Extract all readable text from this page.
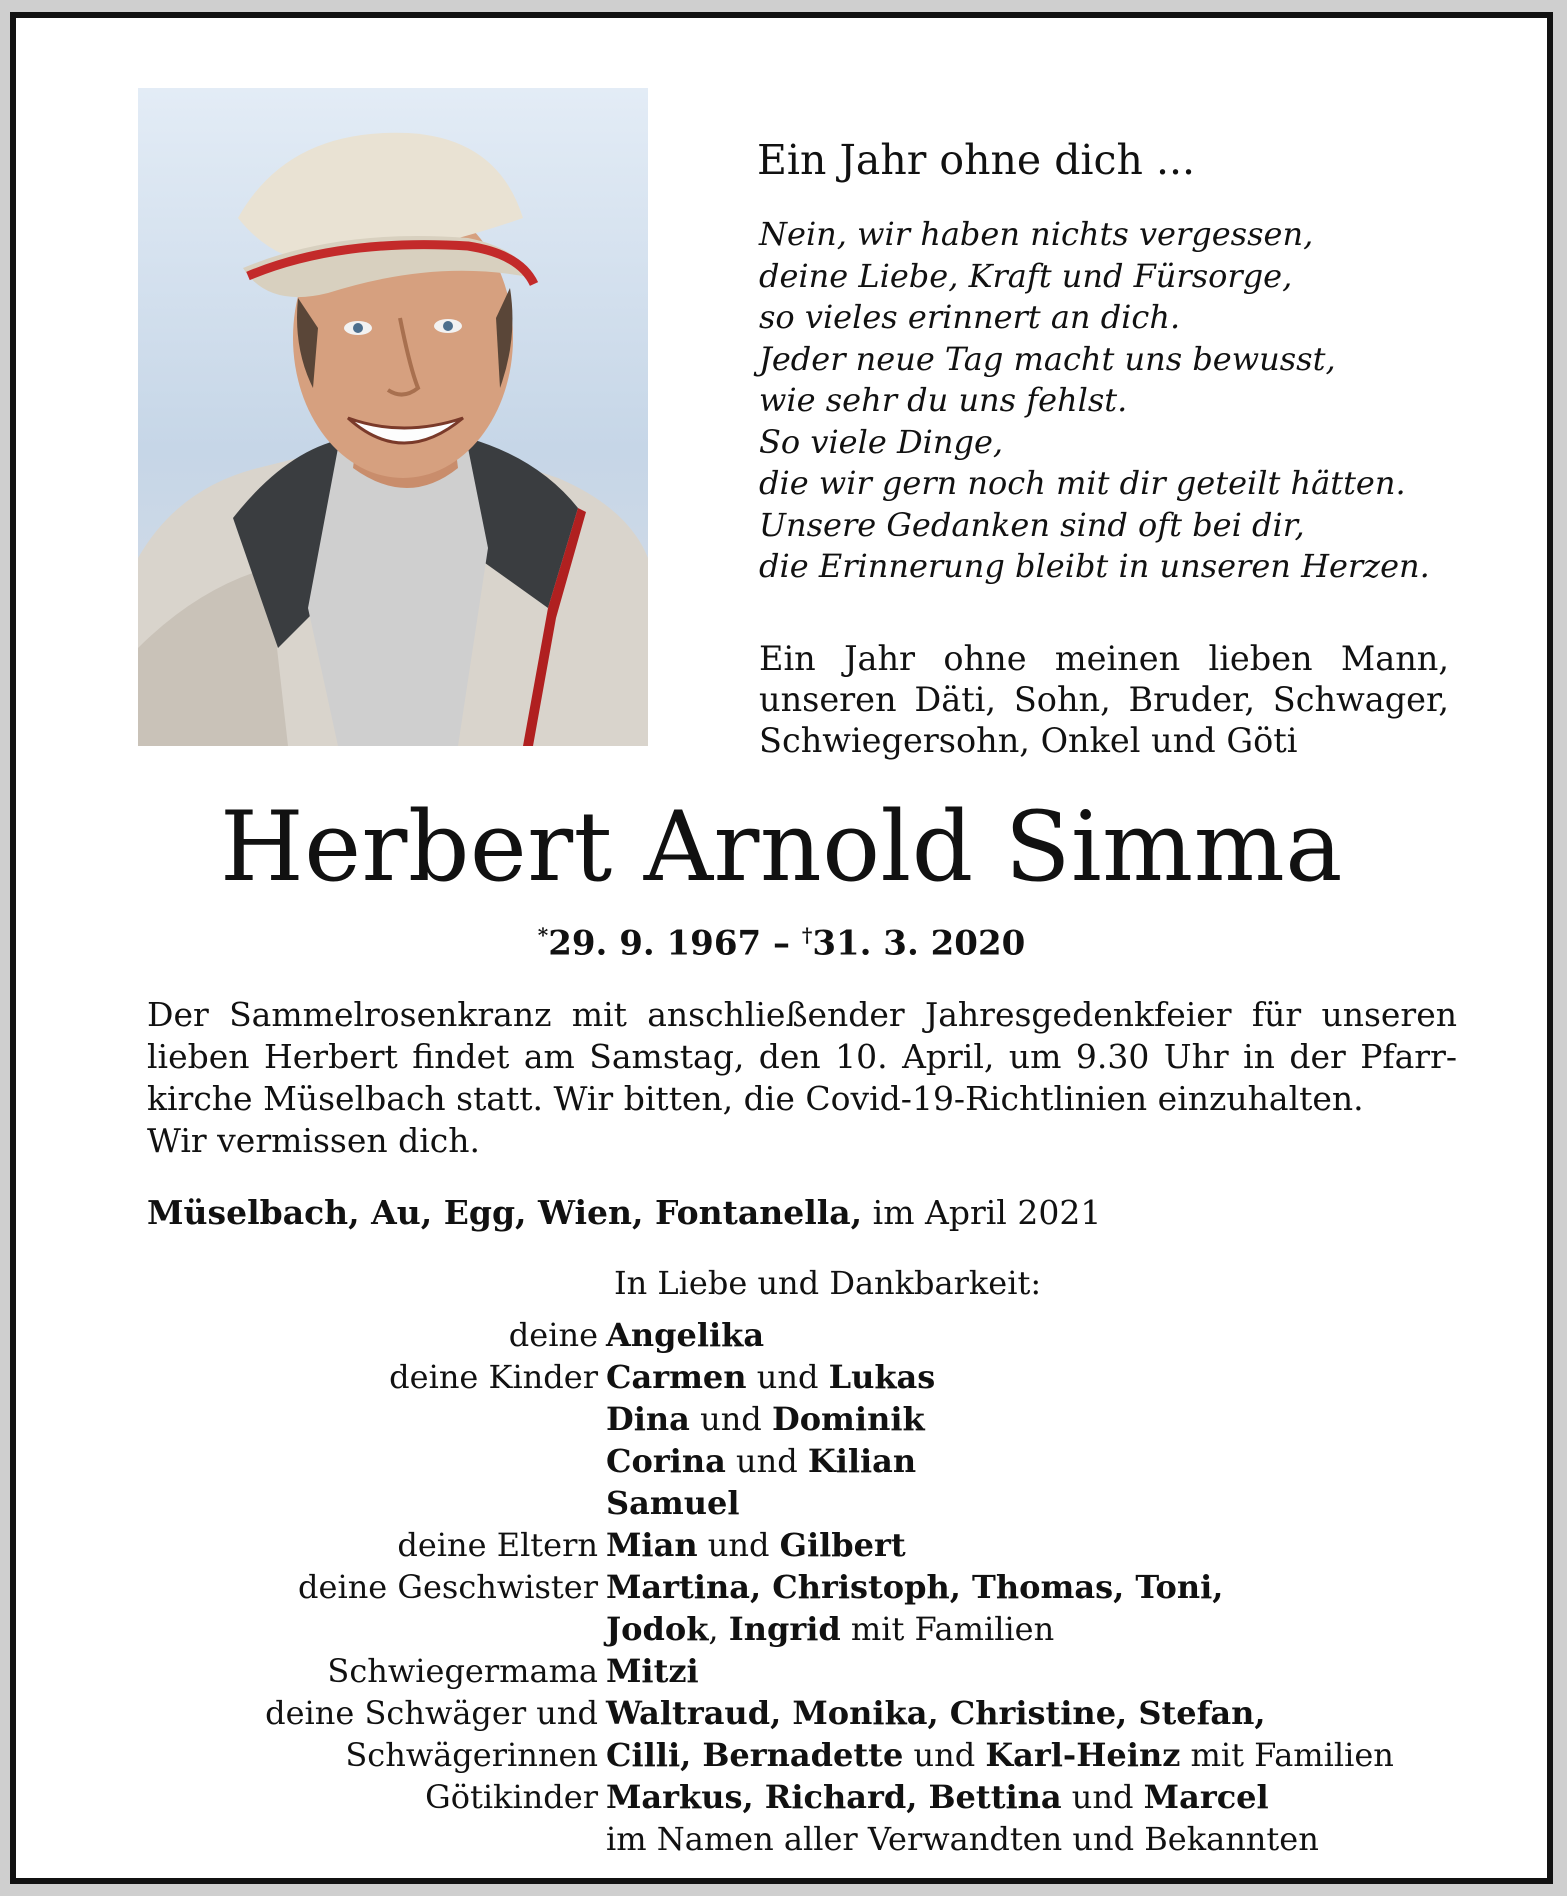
Ein Jahr ohne dich ...
Nein, wir haben nichts vergessen,
deine Liebe, Kraft und Fürsorge,
so vieles erinnert an dich.
Jeder neue Tag macht uns bewusst,
wie sehr du uns fehlst.
So viele Dinge,
die wir gern noch mit dir geteilt hätten.
Unsere Gedanken sind oft bei dir,
die Erinnerung bleibt in unseren Herzen.
Ein Jahr ohne meinen lieben Mann,
unseren Däti, Sohn, Bruder, Schwager,
Schwiegersohn, Onkel und Göti
Herbert Arnold Simma
*29. 9. 1967 – †31. 3. 2020
Der Sammelrosenkranz mit anschließender Jahresgedenkfeier für unseren
lieben Herbert findet am Samstag, den 10. April, um 9.30 Uhr in der Pfarr-
kirche Müselbach statt. Wir bitten, die Covid-19-Richtlinien einzuhalten.
Wir vermissen dich.
Müselbach, Au, Egg, Wien, Fontanella, im April 2021
In Liebe und Dankbarkeit:
deine Angelika
deine Kinder Carmen und Lukas
Dina und Dominik
Corina und Kilian
Samuel
deine Eltern Mian und Gilbert
deine Geschwister Martina, Christoph, Thomas, Toni,
Jodok, Ingrid mit Familien
Schwiegermama Mitzi
deine Schwäger und Waltraud, Monika, Christine, Stefan,
Schwägerinnen Cilli, Bernadette und Karl-Heinz mit Familien
Götikinder Markus, Richard, Bettina und Marcel
im Namen aller Verwandten und Bekannten
